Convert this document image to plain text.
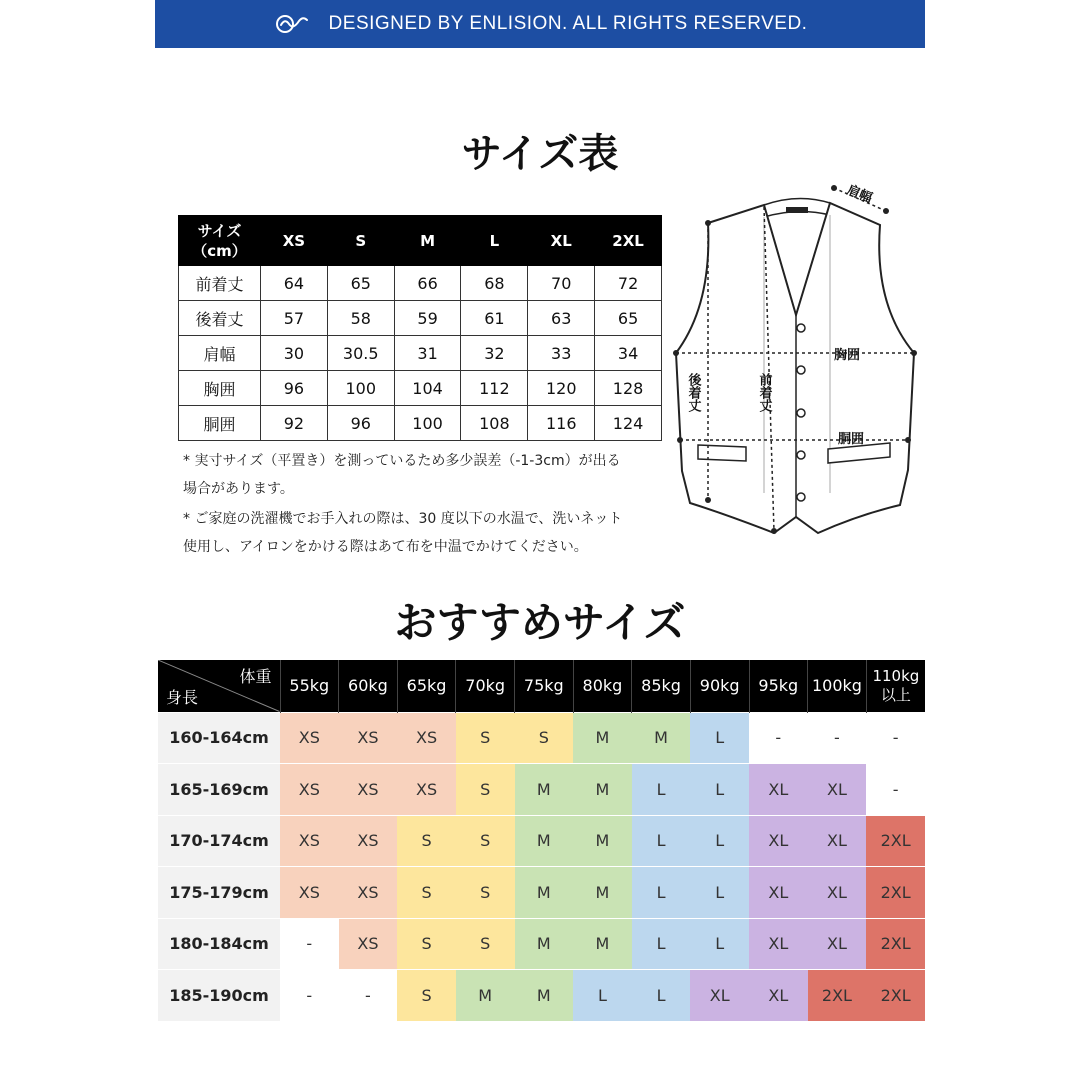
DESIGNED BY ENLISION. ALL RIGHTS RESERVED.
サイズ表
サイズ
（cm）	XS	S	M	L	XL	2XL
前着丈	64	65	66	68	70	72
後着丈	57	58	59	61	63	65
肩幅	30	30.5	31	32	33	34
胸囲	96	100	104	112	120	128
胴囲	92	96	100	108	116	124
* 実寸サイズ（平置き）を測っているため多少誤差（-1-3cm）が出る
場合があります。
* ご家庭の洗濯機でお手入れの際は、30 度以下の水温で、洗いネット
使用し、アイロンをかける際はあて布を中温でかけてください。
肩幅
胸囲
胴囲
後着丈	前着丈
おすすめサイズ
体重
身長	55kg	60kg	65kg	70kg	75kg	80kg	85kg	90kg	95kg	100kg	110kg
以上
160-164cm	XS	XS	XS	S	S	M	M	L	-	-	-
165-169cm	XS	XS	XS	S	M	M	L	L	XL	XL	-
170-174cm	XS	XS	S	S	M	M	L	L	XL	XL	2XL
175-179cm	XS	XS	S	S	M	M	L	L	XL	XL	2XL
180-184cm	-	XS	S	S	M	M	L	L	XL	XL	2XL
185-190cm	-	-	S	M	M	L	L	XL	XL	2XL	2XL
